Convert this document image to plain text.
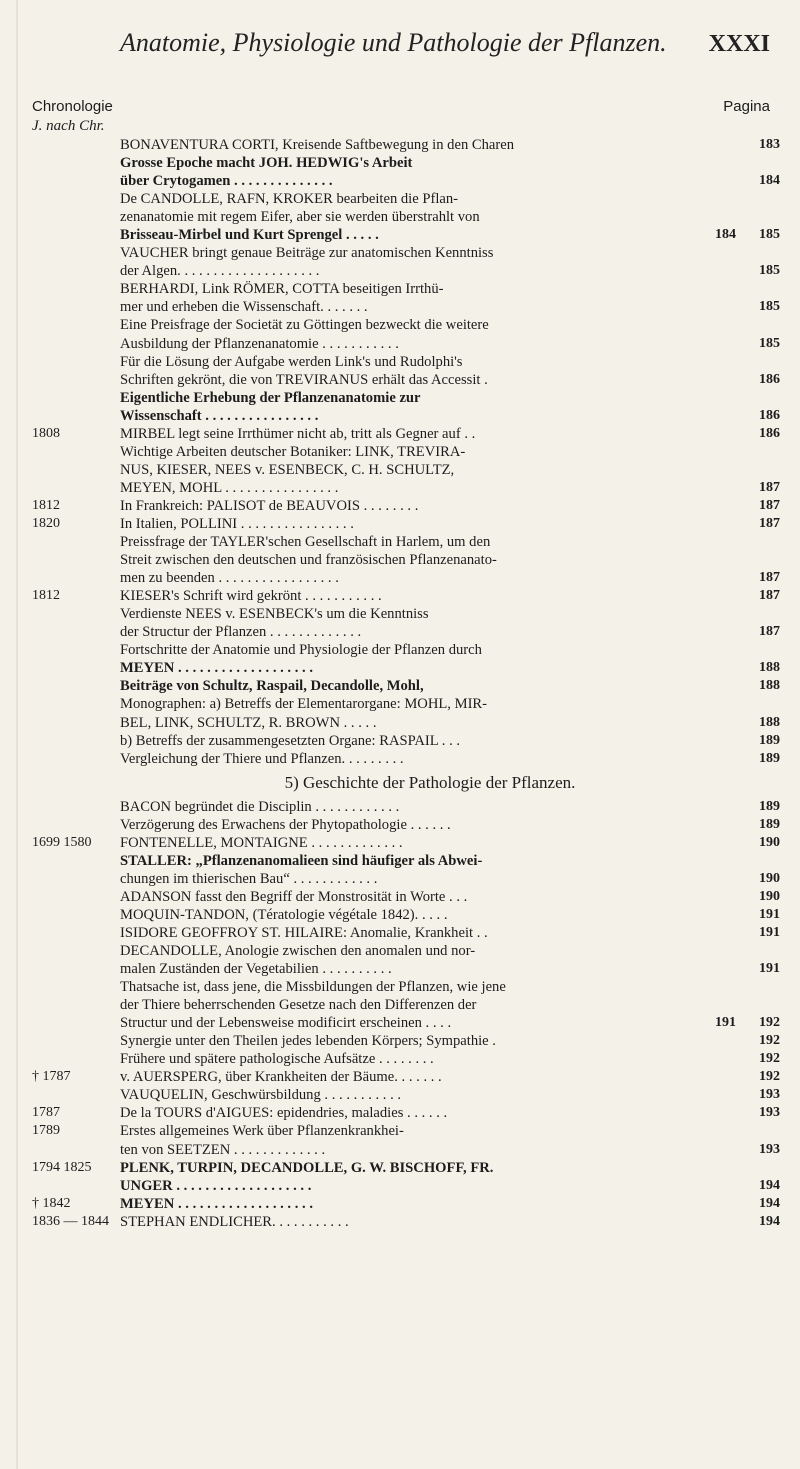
Anatomie, Physiologie und Pathologie der Pflanzen. XXXI
Chronologie	Pagina
J. nach Chr.
BONAVENTURA CORTI, Kreisende Saftbewegung in den Charen	183
Grosse Epoche macht JOH. HEDWIG's Arbeit
über Crytogamen . . . . . . . . . . . . . .	184
De CANDOLLE, RAFN, KROKER bearbeiten die Pflan-
zenanatomie mit regem Eifer, aber sie werden überstrahlt von
Brisseau-Mirbel und Kurt Sprengel . . . . .	184	185
VAUCHER bringt genaue Beiträge zur anatomischen Kenntniss
der Algen. . . . . . . . . . . . . . . . . . . .	185
BERHARDI, Link RÖMER, COTTA beseitigen Irrthü-
mer und erheben die Wissenschaft. . . . . . .	185
Eine Preisfrage der Societät zu Göttingen bezweckt die weitere
Ausbildung der Pflanzenanatomie . . . . . . . . . . .	185
Für die Lösung der Aufgabe werden Link's und Rudolphi's
Schriften gekrönt, die von TREVIRANUS erhält das Accessit .	186
Eigentliche Erhebung der Pflanzenanatomie zur
Wissenschaft . . . . . . . . . . . . . . . .	186
1808	MIRBEL legt seine Irrthümer nicht ab, tritt als Gegner auf . .	186
Wichtige Arbeiten deutscher Botaniker: LINK, TREVIRA-
NUS, KIESER, NEES v. ESENBECK, C. H. SCHULTZ,
MEYEN, MOHL . . . . . . . . . . . . . . . .	187
1812	In Frankreich: PALISOT de BEAUVOIS . . . . . . . .	187
1820	In Italien, POLLINI . . . . . . . . . . . . . . . .	187
Preissfrage der TAYLER'schen Gesellschaft in Harlem, um den
Streit zwischen den deutschen und französischen Pflanzenanato-
men zu beenden . . . . . . . . . . . . . . . . .	187
1812	KIESER's Schrift wird gekrönt . . . . . . . . . . .	187
Verdienste NEES v. ESENBECK's um die Kenntniss
der Structur der Pflanzen . . . . . . . . . . . . .	187
Fortschritte der Anatomie und Physiologie der Pflanzen durch
MEYEN . . . . . . . . . . . . . . . . . . .	188
Beiträge von Schultz, Raspail, Decandolle, Mohl,	188
Monographen: a) Betreffs der Elementarorgane: MOHL, MIR-
BEL, LINK, SCHULTZ, R. BROWN . . . . .	188
b) Betreffs der zusammengesetzten Organe: RASPAIL . . .	189
Vergleichung der Thiere und Pflanzen. . . . . . . . .	189
5) Geschichte der Pathologie der Pflanzen.
BACON begründet die Disciplin . . . . . . . . . . . .	189
Verzögerung des Erwachens der Phytopathologie . . . . . .	189
1699 1580	FONTENELLE, MONTAIGNE . . . . . . . . . . . . .	190
STALLER: „Pflanzenanomalieen sind häufiger als Abwei-
chungen im thierischen Bau“ . . . . . . . . . . . .	190
ADANSON fasst den Begriff der Monstrosität in Worte . . .	190
MOQUIN-TANDON, (Tératologie végétale 1842). . . . .	191
ISIDORE GEOFFROY ST. HILAIRE: Anomalie, Krankheit . .	191
DECANDOLLE, Anologie zwischen den anomalen und nor-
malen Zuständen der Vegetabilien . . . . . . . . . .	191
Thatsache ist, dass jene, die Missbildungen der Pflanzen, wie jene
der Thiere beherrschenden Gesetze nach den Differenzen der
Structur und der Lebensweise modificirt erscheinen . . . .	191	192
Synergie unter den Theilen jedes lebenden Körpers; Sympathie .	192
Frühere und spätere pathologische Aufsätze . . . . . . . .	192
† 1787	v. AUERSPERG, über Krankheiten der Bäume. . . . . . .	192
VAUQUELIN, Geschwürsbildung . . . . . . . . . . .	193
1787	De la TOURS d'AIGUES: epidendries, maladies . . . . . .	193
1789	Erstes allgemeines Werk über Pflanzenkrankhei-
ten von SEETZEN . . . . . . . . . . . . .	193
1794 1825	PLENK, TURPIN, DECANDOLLE, G. W. BISCHOFF, FR.
UNGER . . . . . . . . . . . . . . . . . . .	194
† 1842	MEYEN . . . . . . . . . . . . . . . . . . .	194
1836 — 1844 STEPHAN ENDLICHER. . . . . . . . . . .	194
